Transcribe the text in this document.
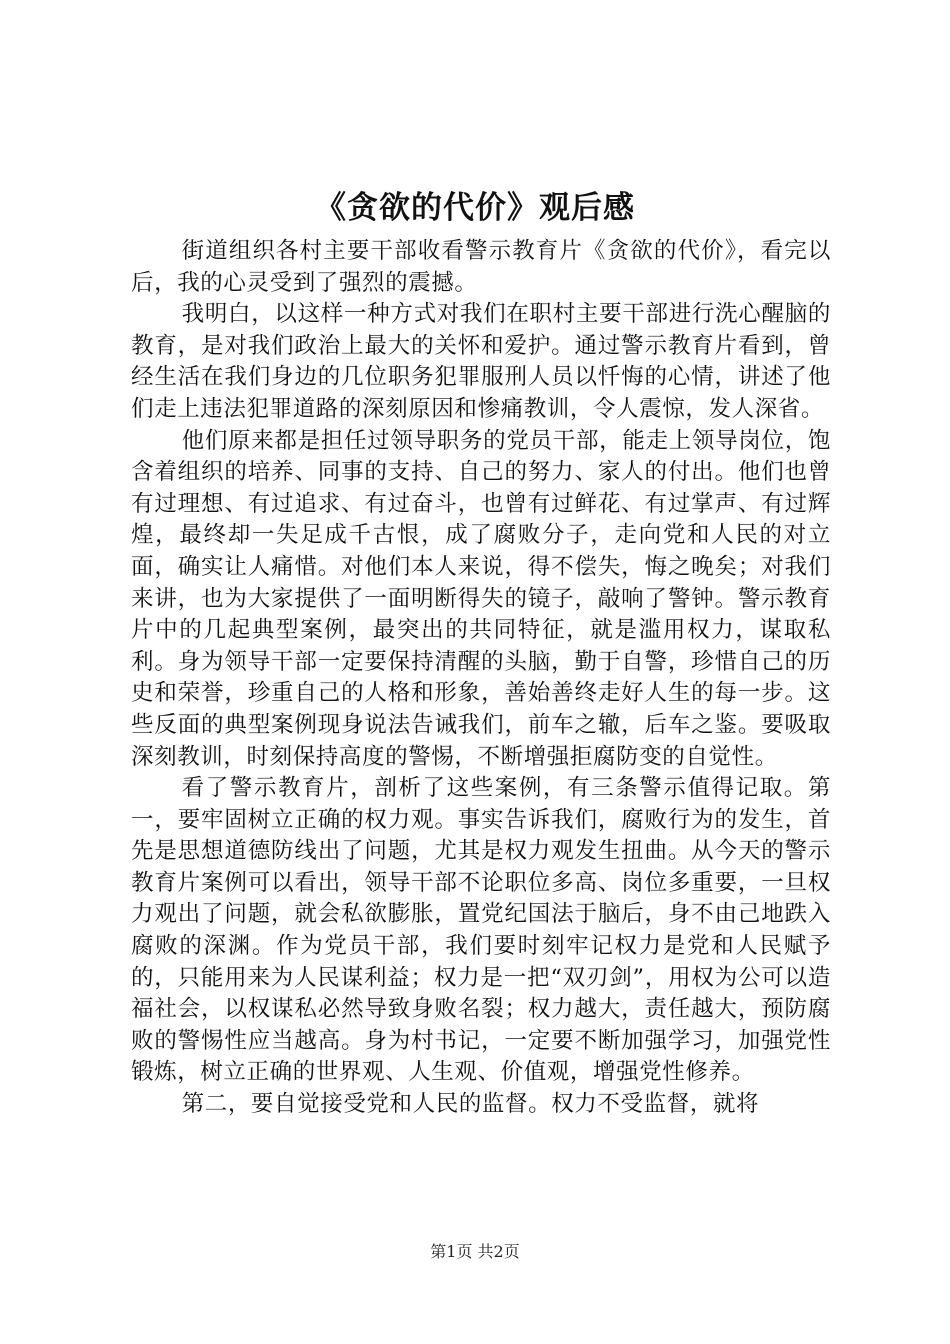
《贪欲的代价》观后感

街道组织各村主要干部收看警示教育片《贪欲的代价》，看完以后，我的心灵受到了强烈的震撼。

我明白，以这样一种方式对我们在职村主要干部进行洗心醒脑的教育，是对我们政治上最大的关怀和爱护。通过警示教育片看到，曾经生活在我们身边的几位职务犯罪服刑人员以忏悔的心情，讲述了他们走上违法犯罪道路的深刻原因和惨痛教训，令人震惊，发人深省。

他们原来都是担任过领导职务的党员干部，能走上领导岗位，饱含着组织的培养、同事的支持、自己的努力、家人的付出。他们也曾有过理想、有过追求、有过奋斗，也曾有过鲜花、有过掌声、有过辉煌，最终却一失足成千古恨，成了腐败分子，走向党和人民的对立面，确实让人痛惜。对他们本人来说，得不偿失，悔之晚矣；对我们来讲，也为大家提供了一面明断得失的镜子，敲响了警钟。警示教育片中的几起典型案例，最突出的共同特征，就是滥用权力，谋取私利。身为领导干部一定要保持清醒的头脑，勤于自警，珍惜自己的历史和荣誉，珍重自己的人格和形象，善始善终走好人生的每一步。这些反面的典型案例现身说法告诫我们，前车之辙，后车之鉴。要吸取深刻教训，时刻保持高度的警惕，不断增强拒腐防变的自觉性。

看了警示教育片，剖析了这些案例，有三条警示值得记取。第一，要牢固树立正确的权力观。事实告诉我们，腐败行为的发生，首先是思想道德防线出了问题，尤其是权力观发生扭曲。从今天的警示教育片案例可以看出，领导干部不论职位多高、岗位多重要，一旦权力观出了问题，就会私欲膨胀，置党纪国法于脑后，身不由己地跌入腐败的深渊。作为党员干部，我们要时刻牢记权力是党和人民赋予的，只能用来为人民谋利益；权力是一把“双刃剑”，用权为公可以造福社会，以权谋私必然导致身败名裂；权力越大，责任越大，预防腐败的警惕性应当越高。身为村书记，一定要不断加强学习，加强党性锻炼，树立正确的世界观、人生观、价值观，增强党性修养。

第二，要自觉接受党和人民的监督。权力不受监督，就将

第1页 共2页
